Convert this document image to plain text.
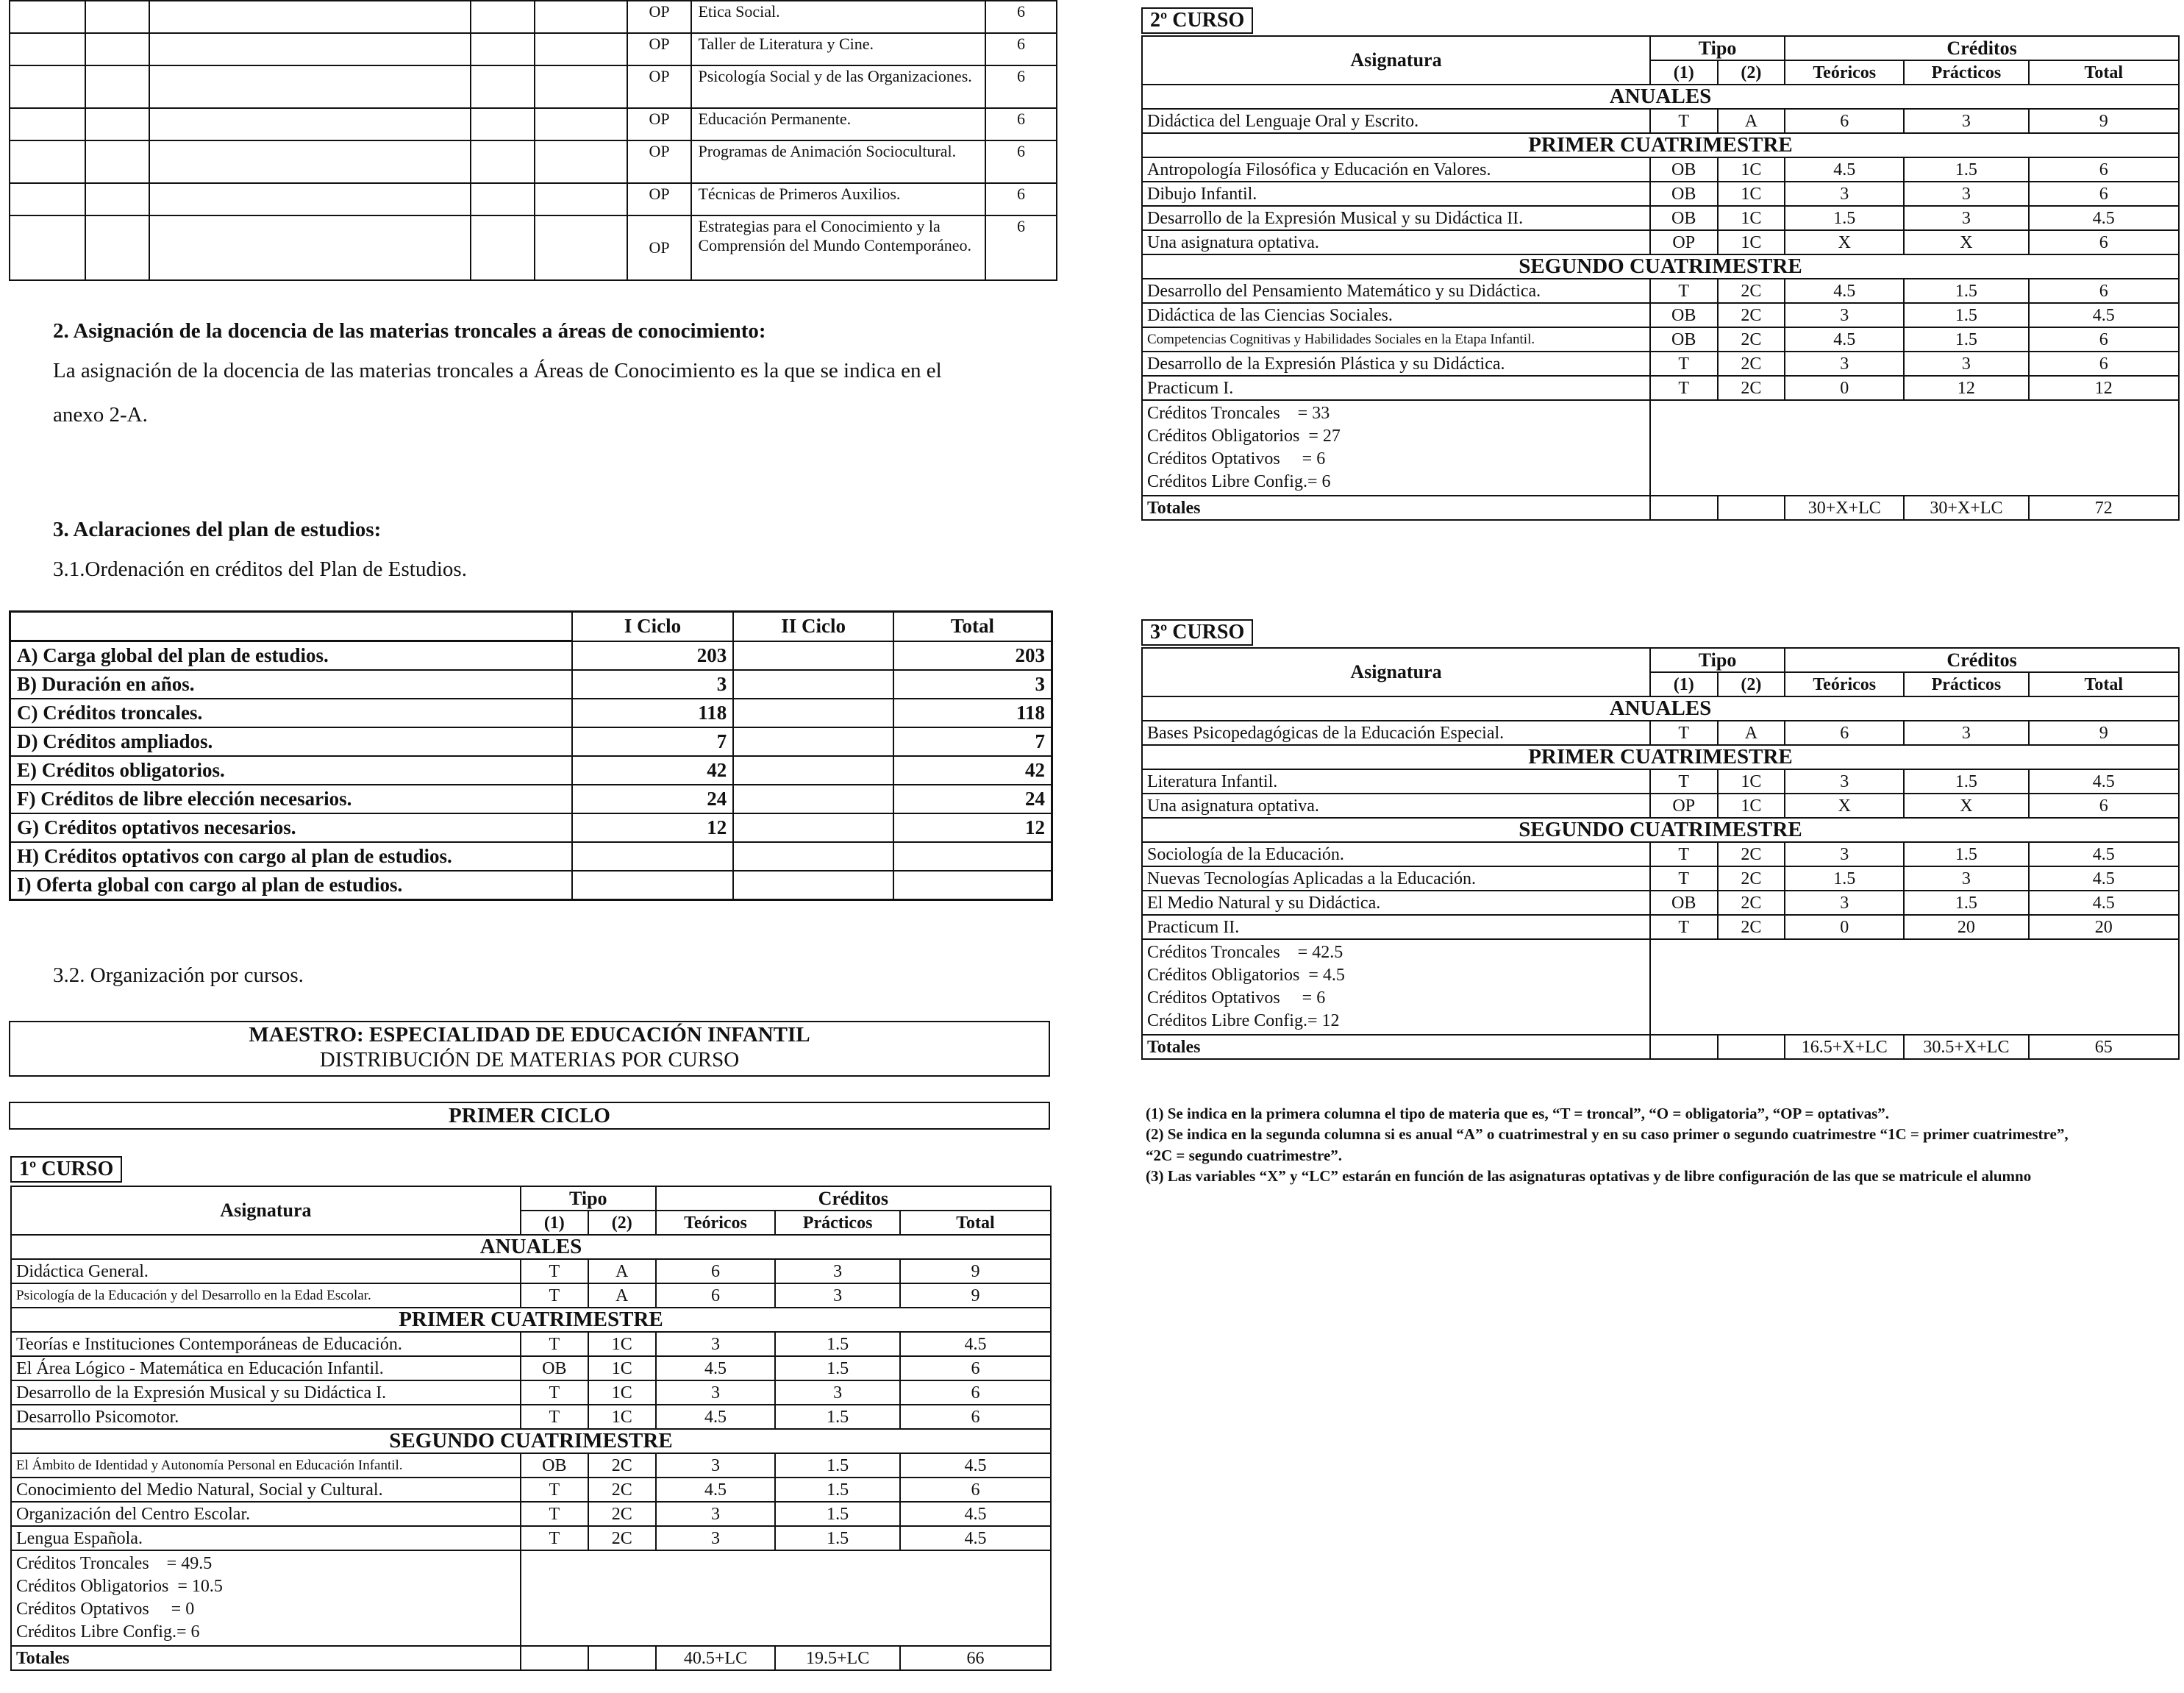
					OP	Etica Social.	6
					OP	Taller de Literatura y Cine.	6
					OP	Psicología Social y de las Organizaciones.	6
					OP	Educación Permanente.	6
					OP	Programas de Animación Sociocultural.	6
					OP	Técnicas de Primeros Auxilios.	6
					OP	Estrategias para el Conocimiento y la Comprensión del Mundo Contemporáneo.	6
2. Asignación de la docencia de las materias troncales a áreas de conocimiento:
La asignación de la docencia de las materias troncales a Áreas de Conocimiento es la que se indica en el
anexo 2-A.
3. Aclaraciones del plan de estudios:
3.1.Ordenación en créditos del Plan de Estudios.
	I Ciclo	II Ciclo	Total
A) Carga global del plan de estudios.	203		203
B) Duración en años.	3		3
C) Créditos troncales.	118		118
D) Créditos ampliados.	7		7
E) Créditos obligatorios.	42		42
F) Créditos de libre elección necesarios.	24		24
G) Créditos optativos necesarios.	12		12
H) Créditos optativos con cargo al plan de estudios.			
I) Oferta global con cargo al plan de estudios.			
3.2. Organización por cursos.
MAESTRO: ESPECIALIDAD DE EDUCACIÓN INFANTIL
DISTRIBUCIÓN DE MATERIAS POR CURSO
PRIMER CICLO
1º CURSO
Asignatura	Tipo		Créditos		
	(1)	(2)	Teóricos	Prácticos	Total
ANUALES					
Didáctica General.	T	A	6	3	9
Psicología de la Educación y del Desarrollo en la Edad Escolar.	T	A	6	3	9
PRIMER CUATRIMESTRE					
Teorías e Instituciones Contemporáneas de Educación.	T	1C	3	1.5	4.5
El Área Lógico - Matemática en Educación Infantil.	OB	1C	4.5	1.5	6
Desarrollo de la Expresión Musical y su Didáctica I.	T	1C	3	3	6
Desarrollo Psicomotor.	T	1C	4.5	1.5	6
SEGUNDO CUATRIMESTRE					
El Ámbito de Identidad y Autonomía Personal en Educación Infantil.	OB	2C	3	1.5	4.5
Conocimiento del Medio Natural, Social y Cultural.	T	2C	4.5	1.5	6
Organización del Centro Escolar.	T	2C	3	1.5	4.5
Lengua Española.	T	2C	3	1.5	4.5

Créditos Troncales    = 49.5
Créditos Obligatorios  = 10.5
Créditos Optativos     = 0
Créditos Libre Config.= 6					

Totales			40.5+LC	19.5+LC	66
2º CURSO
Asignatura	Tipo		Créditos		
	(1)	(2)	Teóricos	Prácticos	Total
ANUALES					
Didáctica del Lenguaje Oral y Escrito.	T	A	6	3	9
PRIMER CUATRIMESTRE					
Antropología Filosófica y Educación en Valores.	OB	1C	4.5	1.5	6
Dibujo Infantil.	OB	1C	3	3	6
Desarrollo de la Expresión Musical y su Didáctica II.	OB	1C	1.5	3	4.5
Una asignatura optativa.	OP	1C	X	X	6
SEGUNDO CUATRIMESTRE					
Desarrollo del Pensamiento Matemático y su Didáctica.	T	2C	4.5	1.5	6
Didáctica de las Ciencias Sociales.	OB	2C	3	1.5	4.5
Competencias Cognitivas y Habilidades Sociales en la Etapa Infantil.	OB	2C	4.5	1.5	6
Desarrollo de la Expresión Plástica y su Didáctica.	T	2C	3	3	6
Practicum I.	T	2C	0	12	12

Créditos Troncales    = 33
Créditos Obligatorios  = 27
Créditos Optativos     = 6
Créditos Libre Config.= 6					

Totales			30+X+LC	30+X+LC	72
3º CURSO
Asignatura	Tipo		Créditos		
	(1)	(2)	Teóricos	Prácticos	Total
ANUALES					
Bases Psicopedagógicas de la Educación Especial.	T	A	6	3	9
PRIMER CUATRIMESTRE					
Literatura Infantil.	T	1C	3	1.5	4.5
Una asignatura optativa.	OP	1C	X	X	6
SEGUNDO CUATRIMESTRE					
Sociología de la Educación.	T	2C	3	1.5	4.5
Nuevas Tecnologías Aplicadas a la Educación.	T	2C	1.5	3	4.5
El Medio Natural y su Didáctica.	OB	2C	3	1.5	4.5
Practicum II.	T	2C	0	20	20

Créditos Troncales    = 42.5
Créditos Obligatorios  = 4.5
Créditos Optativos     = 6
Créditos Libre Config.= 12					

Totales			16.5+X+LC	30.5+X+LC	65
(1) Se indica en la primera columna el tipo de materia que es, “T = troncal”, “O = obligatoria”, “OP = optativas”.
(2) Se indica en la segunda columna si es anual “A” o cuatrimestral y en su caso primer o segundo cuatrimestre “1C = primer cuatrimestre”,
“2C = segundo cuatrimestre”.
(3) Las variables “X” y “LC” estarán en función de las asignaturas optativas y de libre configuración de las que se matricule el alumno
